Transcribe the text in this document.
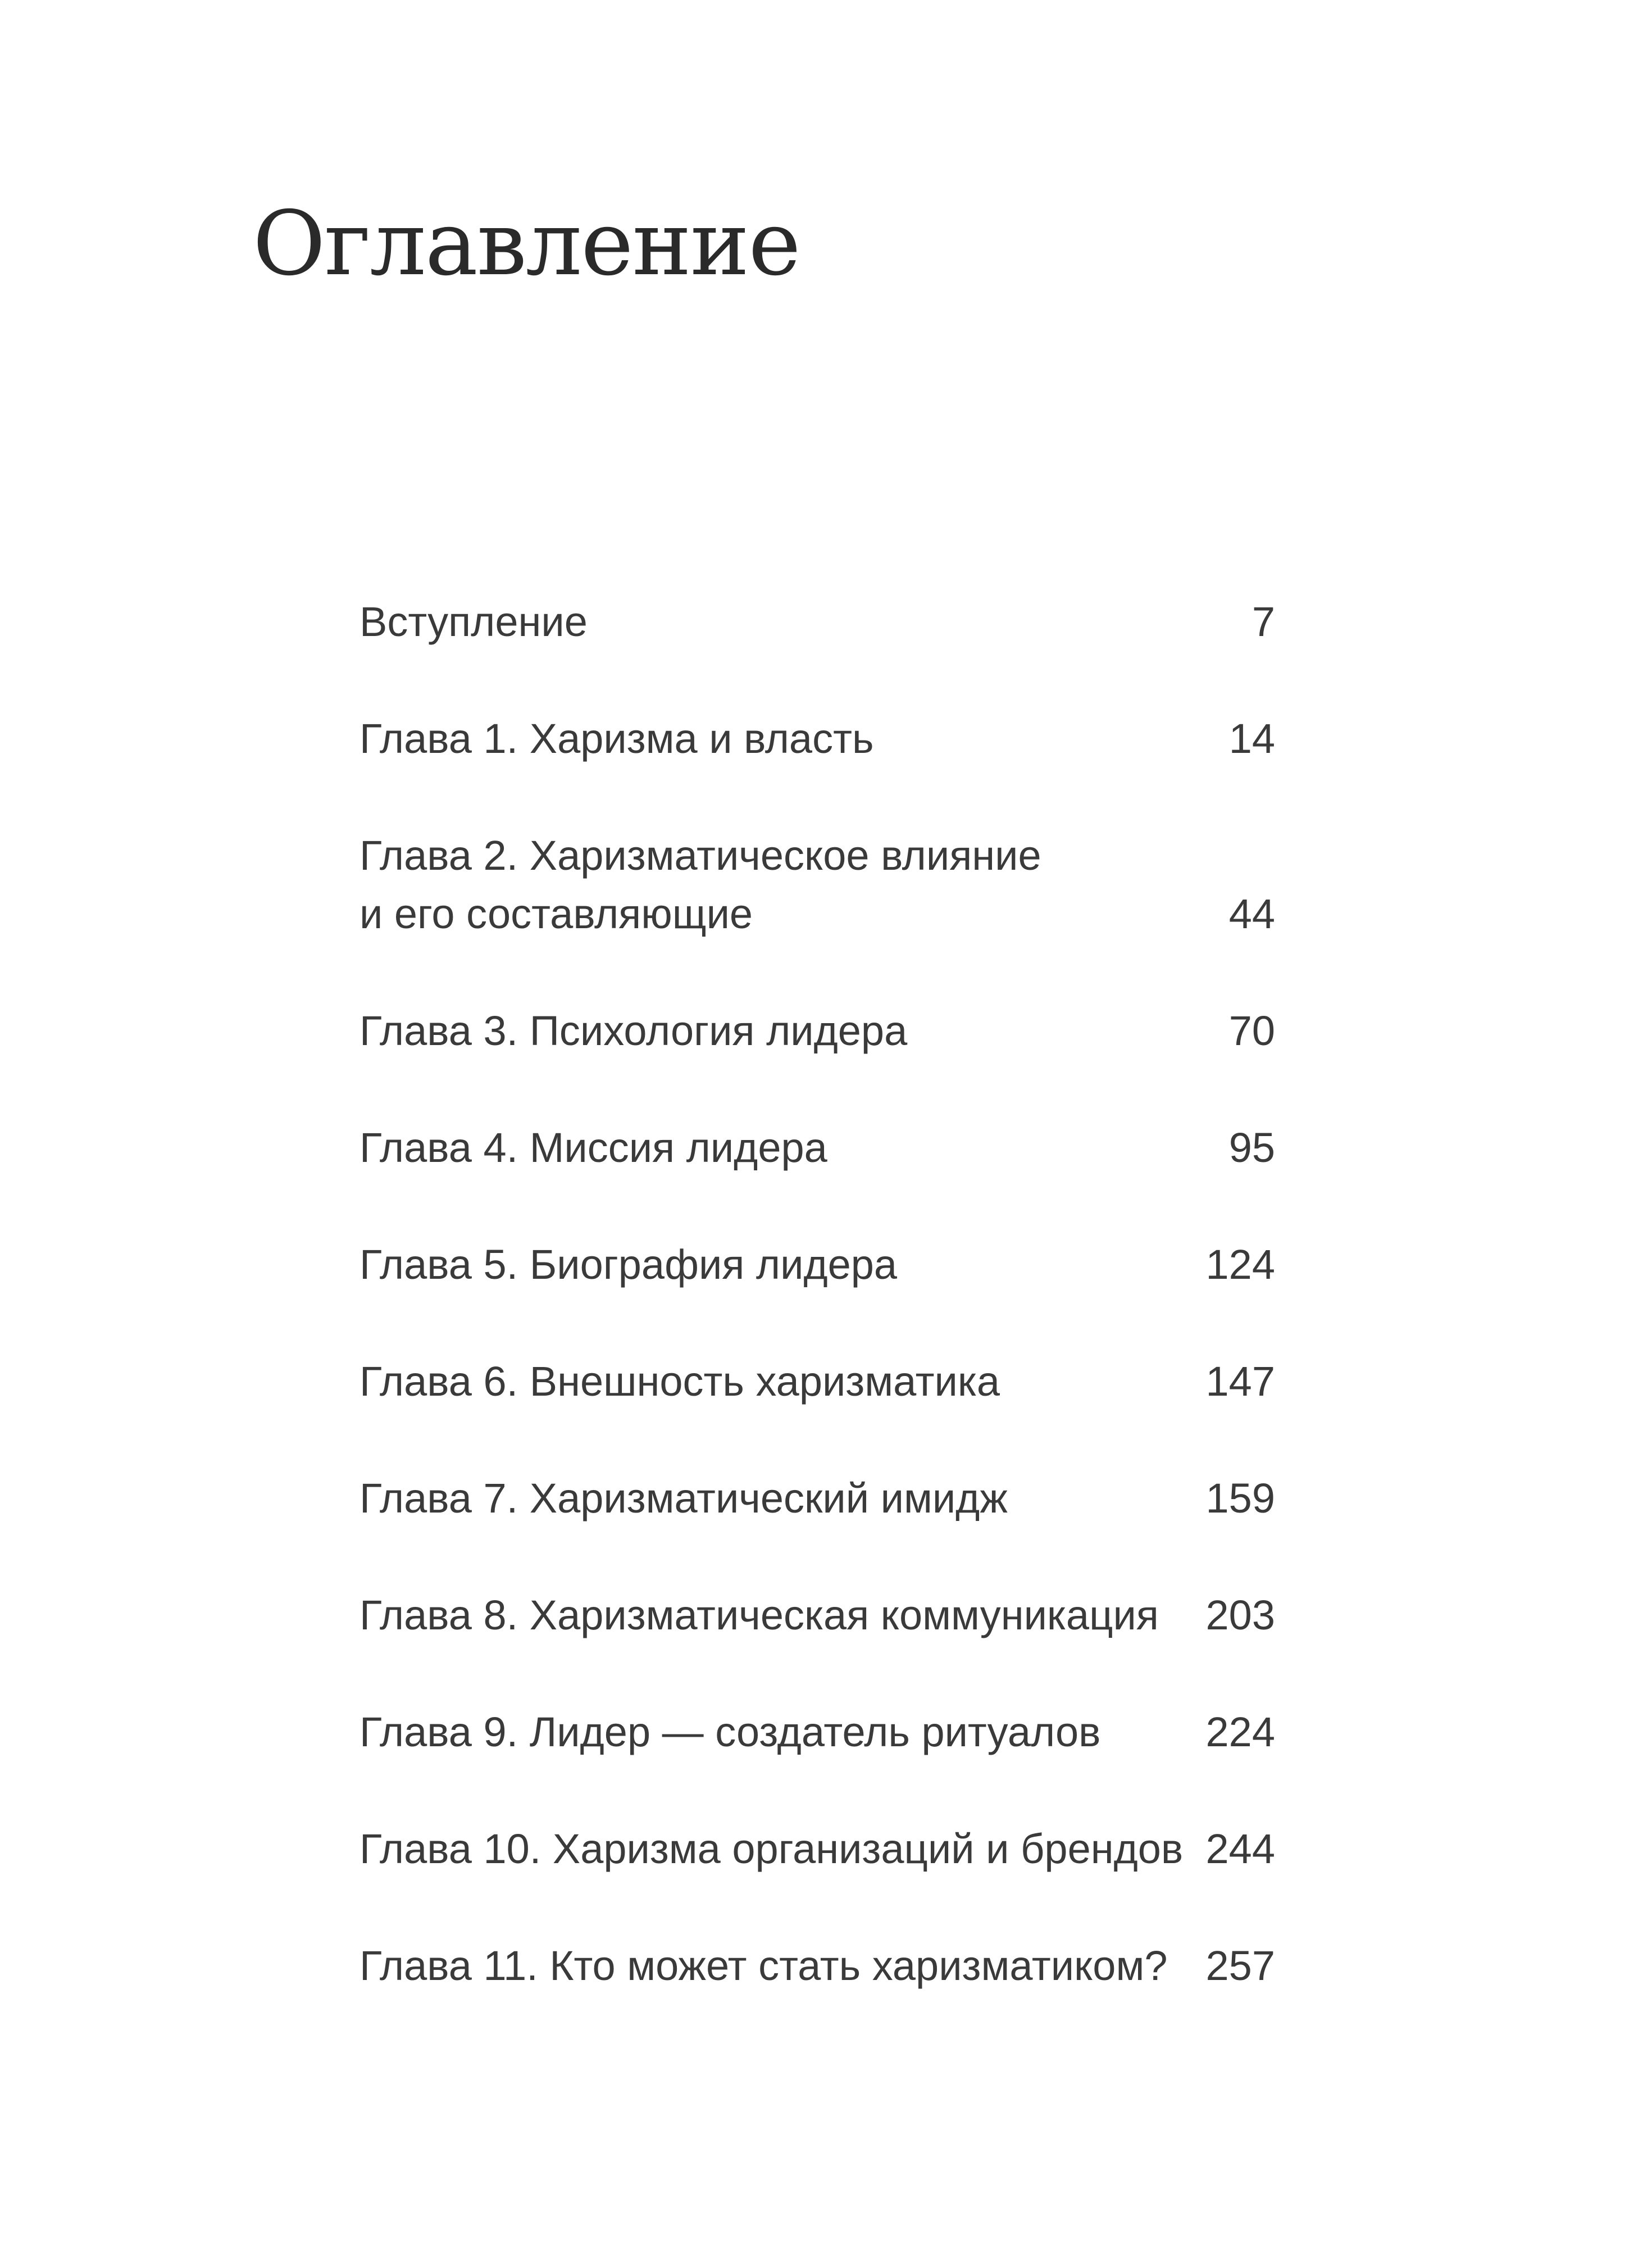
Оглавление
Вступление	7
Глава 1. Харизма и власть	14
Глава 2. Харизматическое влияние
и его составляющие	44
Глава 3. Психология лидера	70
Глава 4. Миссия лидера	95
Глава 5. Биография лидера	124
Глава 6. Внешность харизматика	147
Глава 7. Харизматический имидж	159
Глава 8. Харизматическая коммуникация 203
Глава 9. Лидер — создатель ритуалов	224
Глава 10. Харизма организаций и брендов 244
Глава 11. Кто может стать харизматиком? 257
